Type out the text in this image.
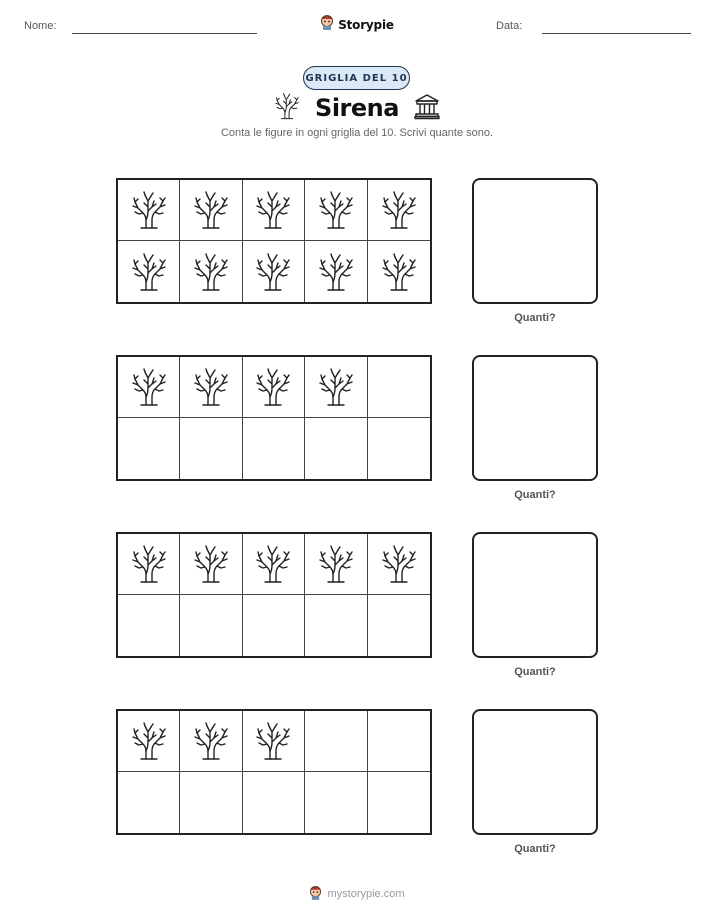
Nome:	Storypie	Data:
GRIGLIA DEL 10
Sirena

Conta le figure in ogni griglia del 10. Scrivi quante sono.

Quanti?
Quanti?
Quanti?
Quanti?
mystorypie.com
